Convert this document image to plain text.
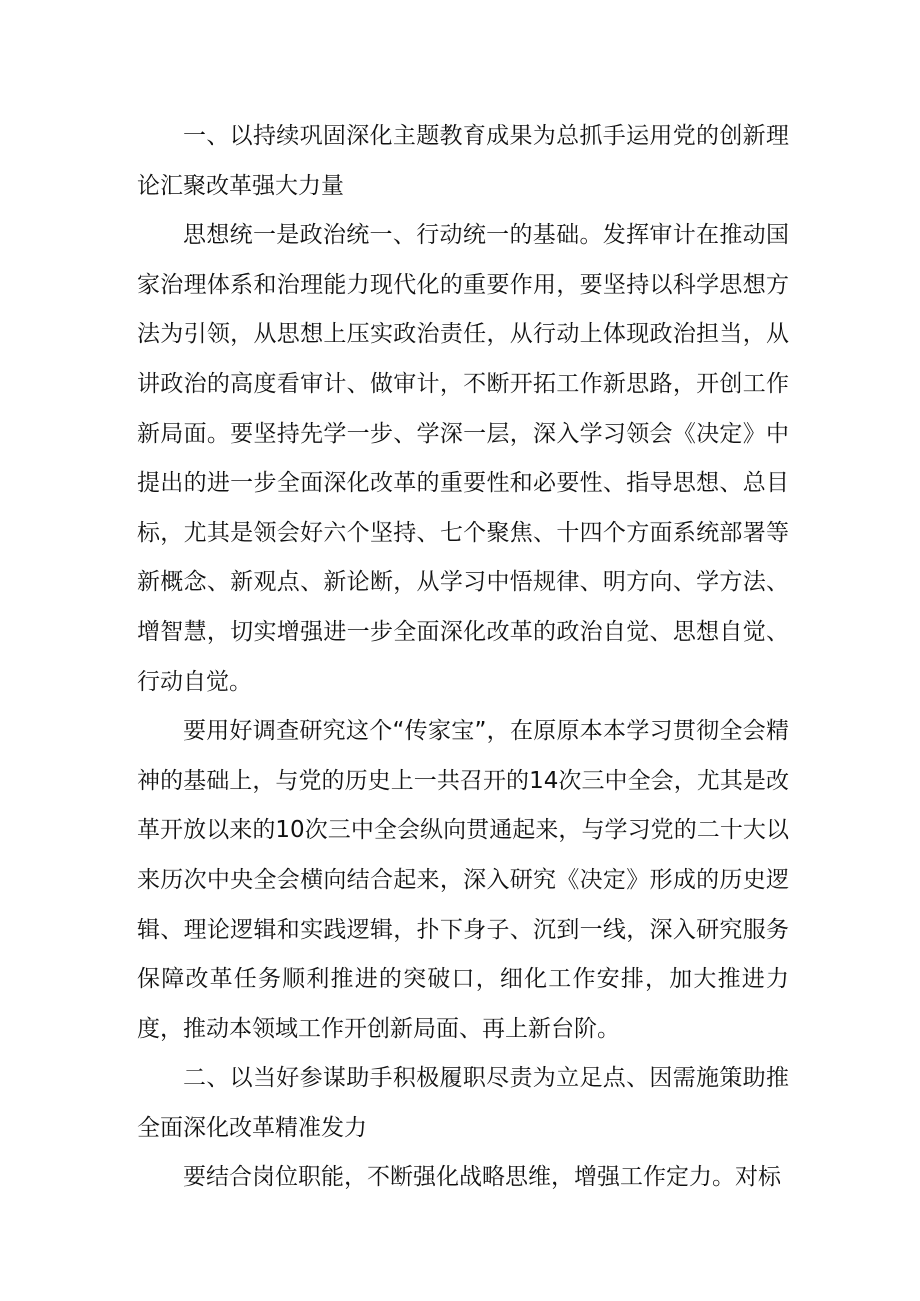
一、以持续巩固深化主题教育成果为总抓手运用党的创新理论汇聚改革强大力量

思想统一是政治统一、行动统一的基础。发挥审计在推动国家治理体系和治理能力现代化的重要作用，要坚持以科学思想方法为引领，从思想上压实政治责任，从行动上体现政治担当，从讲政治的高度看审计、做审计，不断开拓工作新思路，开创工作新局面。要坚持先学一步、学深一层，深入学习领会《决定》中提出的进一步全面深化改革的重要性和必要性、指导思想、总目标，尤其是领会好六个坚持、七个聚焦、十四个方面系统部署等新概念、新观点、新论断，从学习中悟规律、明方向、学方法、增智慧，切实增强进一步全面深化改革的政治自觉、思想自觉、行动自觉。

要用好调查研究这个“传家宝”，在原原本本学习贯彻全会精神的基础上，与党的历史上一共召开的14次三中全会，尤其是改革开放以来的10次三中全会纵向贯通起来，与学习党的二十大以来历次中央全会横向结合起来，深入研究《决定》形成的历史逻辑、理论逻辑和实践逻辑，扑下身子、沉到一线，深入研究服务保障改革任务顺利推进的突破口，细化工作安排，加大推进力度，推动本领域工作开创新局面、再上新台阶。

二、以当好参谋助手积极履职尽责为立足点、因需施策助推全面深化改革精准发力

要结合岗位职能，不断强化战略思维，增强工作定力。对标
